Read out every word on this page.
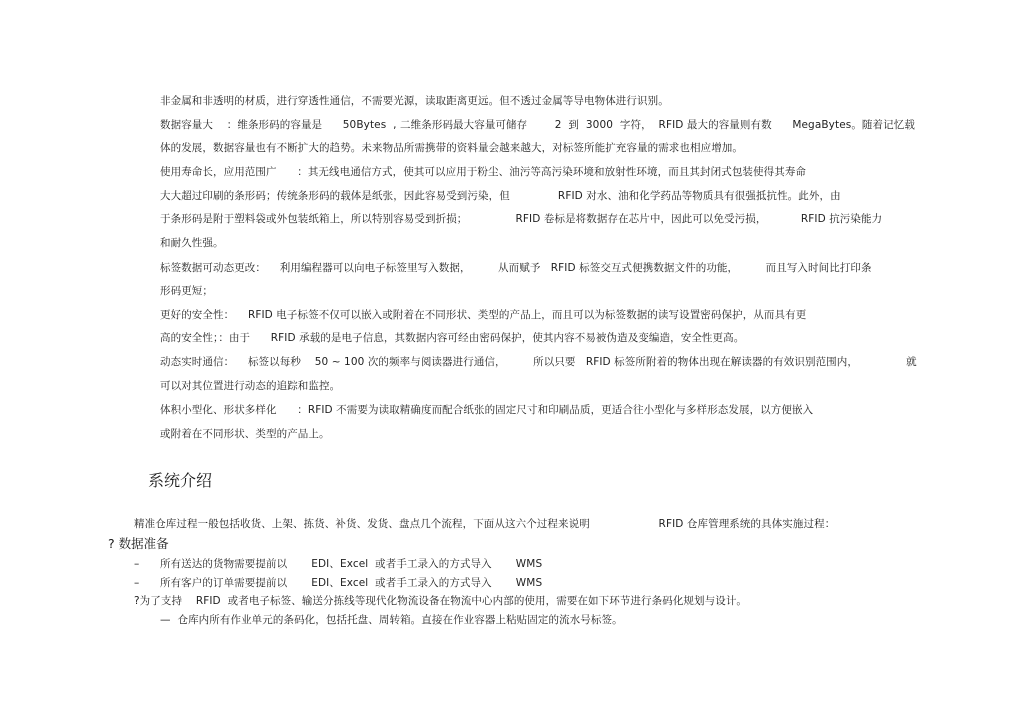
非金属和非透明的材质，进行穿透性通信，不需要光源，读取距离更远。但不透过金属等导电物体进行识别。
数据容量大    ：维条形码的容量是      50Bytes  , 二维条形码最大容量可储存        2  到  3000  字符，  RFID 最大的容量则有数      MegaBytes。随着记忆载
体的发展，数据容量也有不断扩大的趋势。未来物品所需携带的资料量会越来越大，对标签所能扩充容量的需求也相应增加。
使用寿命长，应用范围广      ：其无线电通信方式，使其可以应用于粉尘、油污等高污染环境和放射性环境，而且其封闭式包装使得其寿命
大大超过印刷的条形码；传统条形码的载体是纸张，因此容易受到污染，但              RFID 对水、油和化学药品等物质具有很强抵抗性。此外，由
于条形码是附于塑料袋或外包装纸箱上，所以特别容易受到折损；              RFID 卷标是将数据存在芯片中，因此可以免受污损，          RFID 抗污染能力
和耐久性强。
标签数据可动态更改：    利用编程器可以向电子标签里写入数据，        从而赋予   RFID 标签交互式便携数据文件的功能，        而且写入时间比打印条
形码更短；
更好的安全性：    RFID 电子标签不仅可以嵌入或附着在不同形状、类型的产品上，而且可以为标签数据的读写设置密码保护，从而具有更
高的安全性；：由于      RFID 承载的是电子信息，其数据内容可经由密码保护，使其内容不易被伪造及变编造，安全性更高。
动态实时通信：    标签以每秒    50 ~ 100 次的频率与阅读器进行通信，        所以只要   RFID 标签所附着的物体出现在解读器的有效识别范围内，              就
可以对其位置进行动态的追踪和监控。
体积小型化、形状多样化      ：RFID 不需要为读取精确度而配合纸张的固定尺寸和印刷品质，更适合往小型化与多样形态发展，以方便嵌入
或附着在不同形状、类型的产品上。
系统介绍
精准仓库过程一般包括收货、上架、拣货、补货、发货、盘点几个流程，下面从这六个过程来说明                    RFID 仓库管理系统的具体实施过程：
? 数据准备
–      所有送达的货物需要提前以       EDI、Excel  或者手工录入的方式导入       WMS
–      所有客户的订单需要提前以       EDI、Excel  或者手工录入的方式导入       WMS
?为了支持    RFID  或者电子标签、输送分拣线等现代化物流设备在物流中心内部的使用，需要在如下环节进行条码化规划与设计。
—  仓库内所有作业单元的条码化，包括托盘、周转箱。直接在作业容器上粘贴固定的流水号标签。
